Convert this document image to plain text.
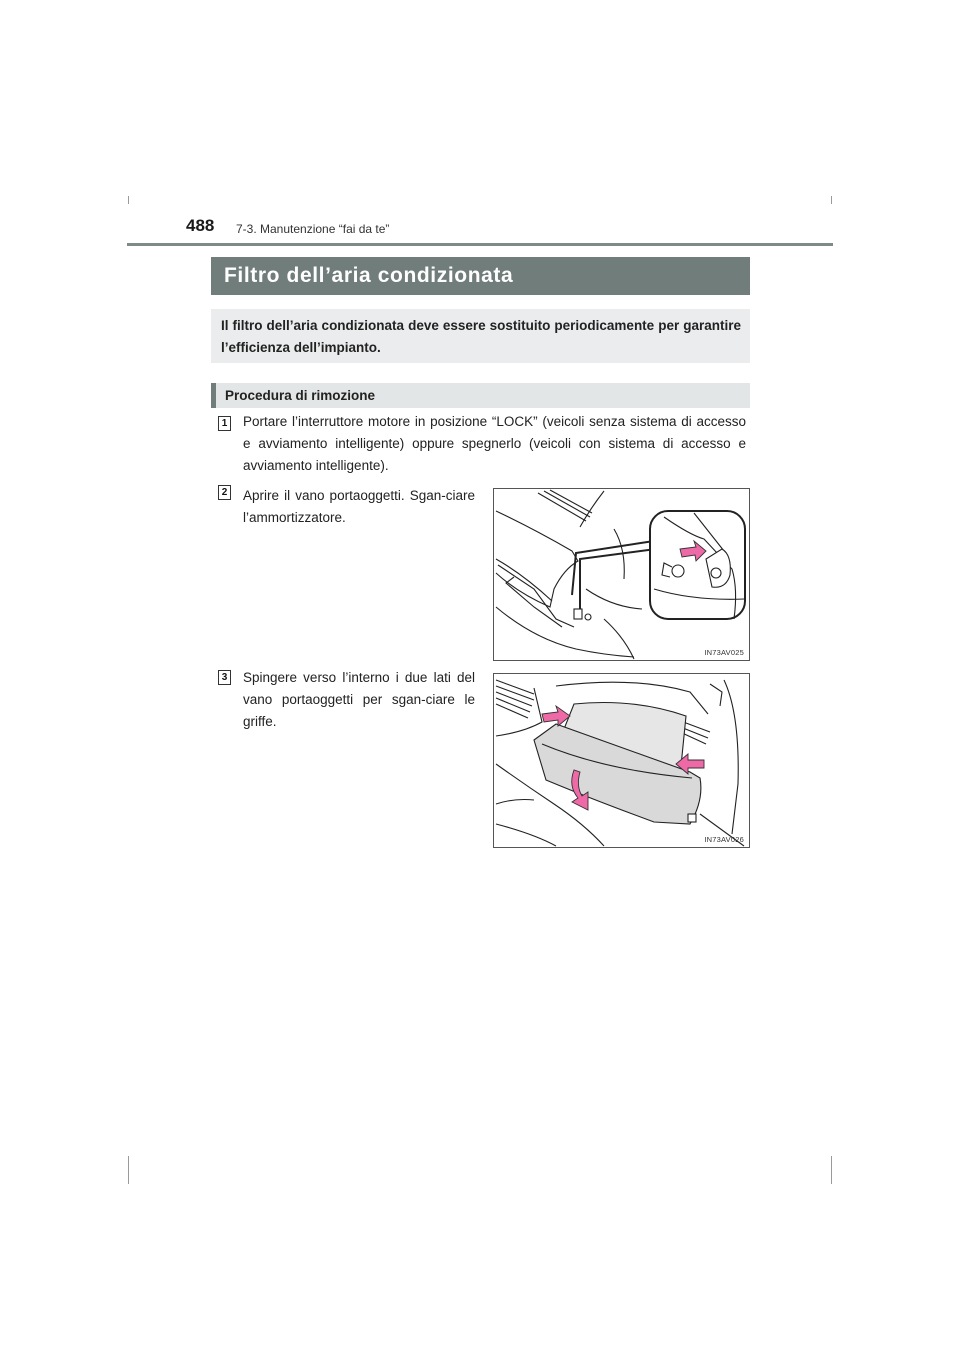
488 7-3. Manutenzione “fai da te”
Filtro dell’aria condizionata
Il filtro dell’aria condizionata deve essere sostituito periodicamente per garantire l’efficienza dell’impianto.
Procedura di rimozione
1 Portare l’interruttore motore in posizione “LOCK” (veicoli senza sistema di accesso e avviamento intelligente) oppure spegnerlo (veicoli con sistema di accesso e avviamento intelligente).
2 Aprire il vano portaoggetti. Sgan-ciare l’ammortizzatore.
IN73AV025
3 Spingere verso l’interno i due lati del vano portaoggetti per sgan-ciare le griffe.
IN73AV026
